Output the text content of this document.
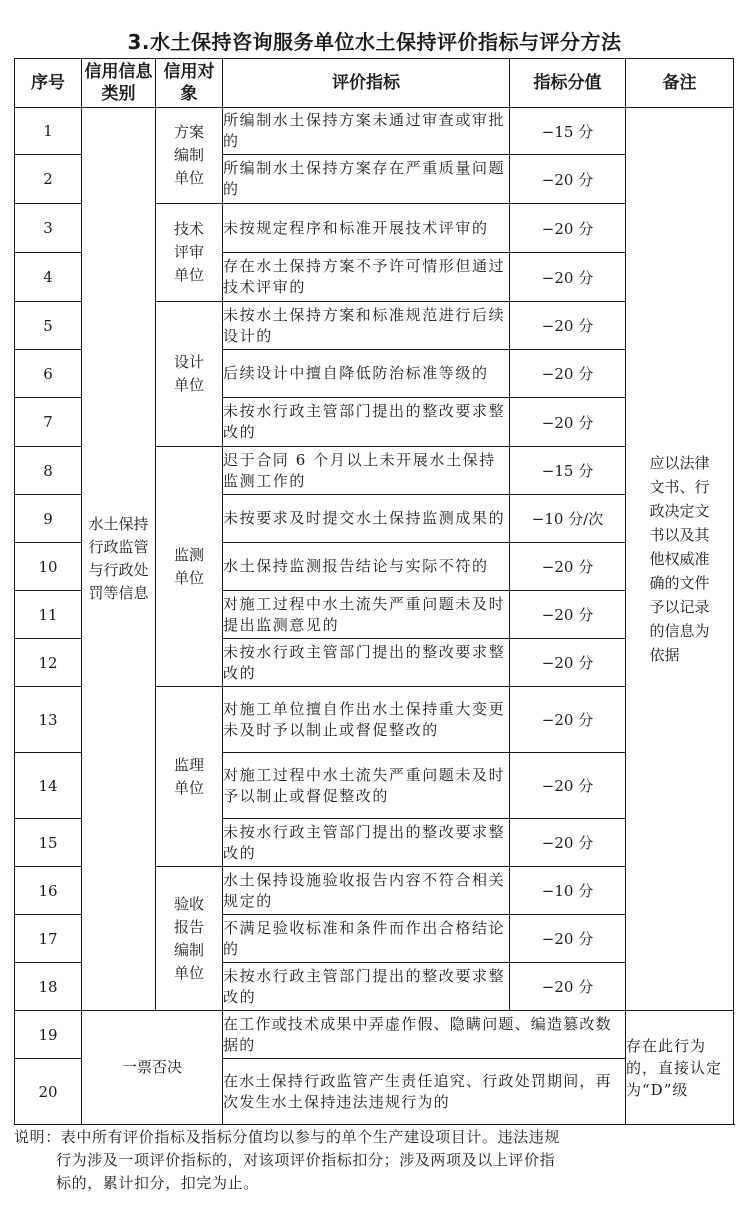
3.水土保持咨询服务单位水土保持评价指标与评分方法
序号	信用信息类别	信用对象	评价指标	指标分值	备注
1	水土保持行政监管与行政处罚等信息	方案编制单位	所编制水土保持方案未通过审查或审批的	−15 分	应以法律文书、行政决定文书以及其他权威准确的文件予以记录的信息为依据

2			所编制水土保持方案存在严重质量问题的	−20 分	
3		技术评审单位	未按规定程序和标准开展技术评审的	−20 分	
4			存在水土保持方案不予许可情形但通过技术评审的	−20 分	
5		设计单位	未按水土保持方案和标准规范进行后续设计的	−20 分	
6			后续设计中擅自降低防治标准等级的	−20 分	
7			未按水行政主管部门提出的整改要求整改的	−20 分	
8		监测单位	迟于合同 6 个月以上未开展水土保持监测工作的	−15 分	
9			未按要求及时提交水土保持监测成果的	−10 分/次	
10			水土保持监测报告结论与实际不符的	−20 分	
11			对施工过程中水土流失严重问题未及时提出监测意见的	−20 分	
12			未按水行政主管部门提出的整改要求整改的	−20 分	
13		监理单位	对施工单位擅自作出水土保持重大变更未及时予以制止或督促整改的	−20 分	
14			对施工过程中水土流失严重问题未及时予以制止或督促整改的	−20 分	
15			未按水行政主管部门提出的整改要求整改的	−20 分	
16		验收报告编制单位	水土保持设施验收报告内容不符合相关规定的	−10 分	
17			不满足验收标准和条件而作出合格结论的	−20 分	
18			未按水行政主管部门提出的整改要求整改的	−20 分	
19	一票否决		在工作或技术成果中弄虚作假、隐瞒问题、编造篡改数据的		存在此行为的，直接认定为“D”级
20			在水土保持行政监管产生责任追究、行政处罚期间，再次发生水土保持违法违规行为的		
说明：表中所有评价指标及指标分值均以参与的单个生产建设项目计。违法违规
行为涉及一项评价指标的，对该项评价指标扣分；涉及两项及以上评价指
标的，累计扣分，扣完为止。
